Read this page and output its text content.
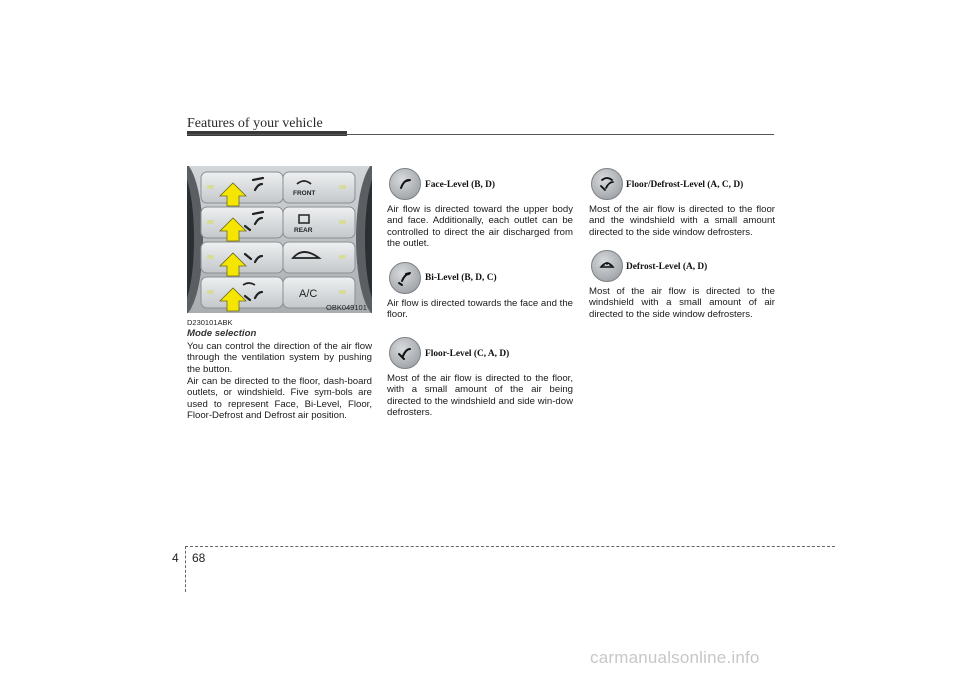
Features of your vehicle
FRONT
REAR
A/C
OBK049101
D230101ABK
Mode selection
You can control the direction of the air flow through the ventilation system by pushing the button.
Air can be directed to the floor, dash-board outlets, or windshield. Five sym-bols are used to represent Face, Bi-Level, Floor, Floor-Defrost and Defrost air position.
Face-Level (B, D)
Air flow is directed toward the upper body and face. Additionally, each outlet can be controlled to direct the air discharged from the outlet.
Bi-Level (B, D, C)
Air flow is directed towards the face and the floor.
Floor-Level (C, A, D)
Most of the air flow is directed to the floor, with a small amount of the air being directed to the windshield and side win-dow defrosters.
Floor/Defrost-Level (A, C, D)
Most of the air flow is directed to the floor and the windshield with a small amount directed to the side window defrosters.
Defrost-Level (A, D)
Most of the air flow is directed to the windshield with a small amount of air directed to the side window defrosters.
4 68
carmanualsonline.info
